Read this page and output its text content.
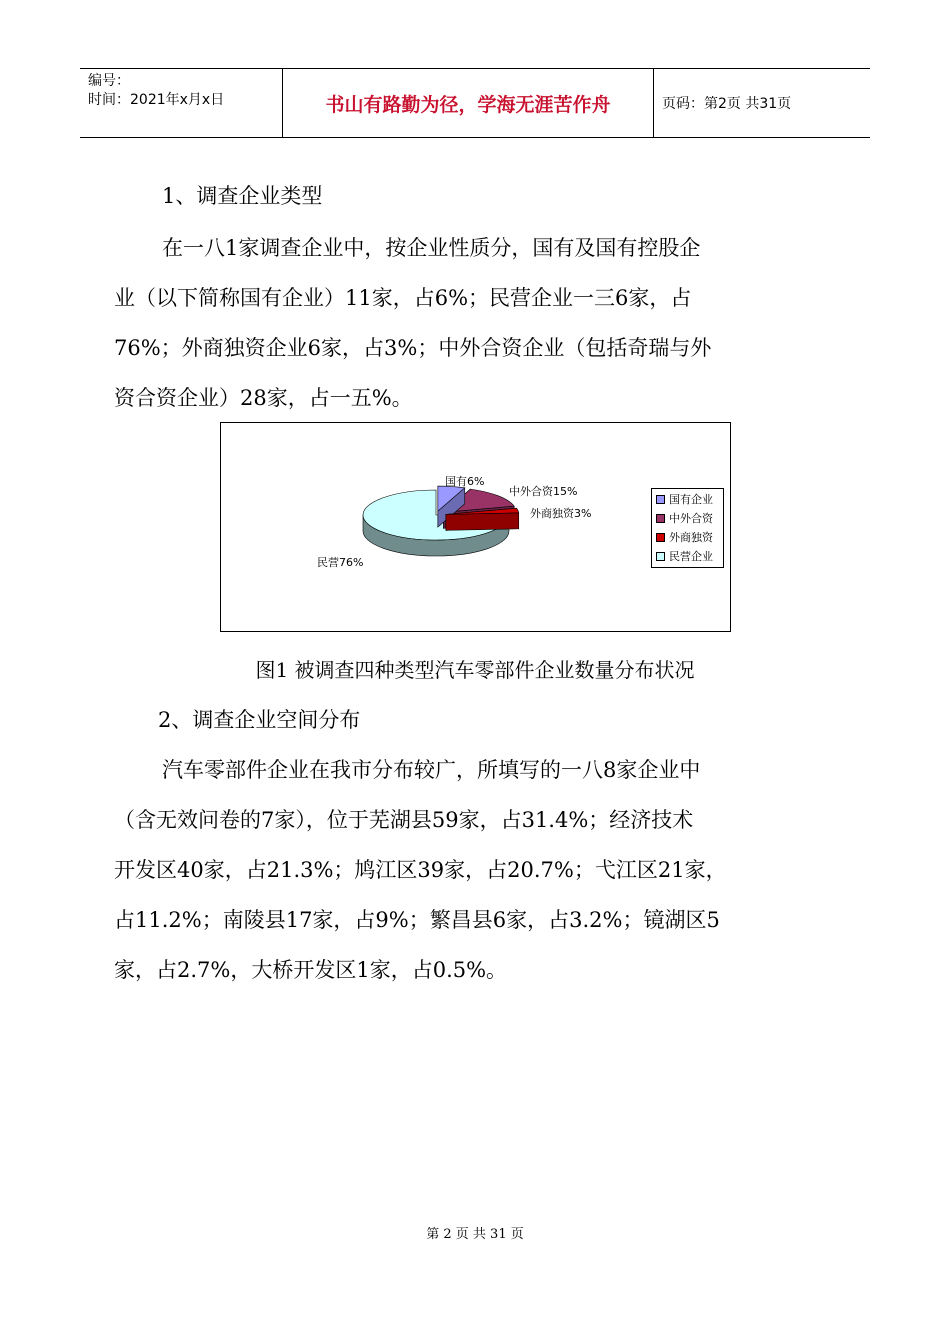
编号：
时间：2021年x月x日	书山有路勤为径，学海无涯苦作舟	页码：第2页 共31页
1、调查企业类型
在一八1家调查企业中，按企业性质分，国有及国有控股企
业（以下简称国有企业）11家，占6%；民营企业一三6家，占
76%；外商独资企业6家，占3%；中外合资企业（包括奇瑞与外
资合资企业）28家，占一五%。
国有6%
中外合资15%
外商独资3%
民营76%
国有企业
中外合资
外商独资
民营企业
图1 被调查四种类型汽车零部件企业数量分布状况
2、调查企业空间分布
汽车零部件企业在我市分布较广，所填写的一八8家企业中
（含无效问卷的7家），位于芜湖县59家，占31.4%；经济技术
开发区40家，占21.3%；鸠江区39家，占20.7%；弋江区21家，
占11.2%；南陵县17家，占9%；繁昌县6家，占3.2%；镜湖区5
家，占2.7%，大桥开发区1家，占0.5%。
第 2 页 共 31 页
